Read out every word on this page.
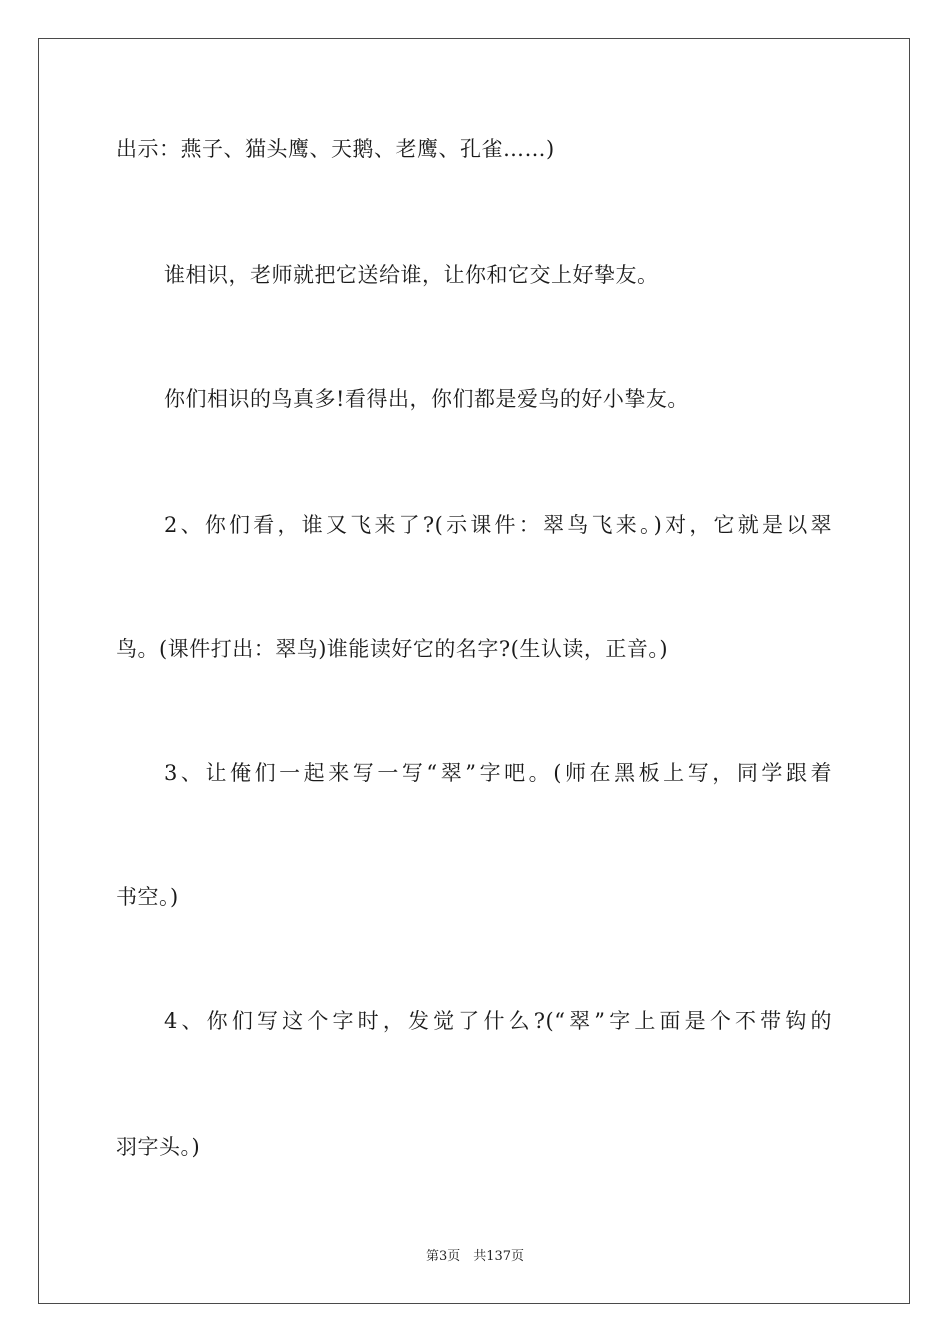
出示：燕子、猫头鹰、天鹅、老鹰、孔雀……)
谁相识，老师就把它送给谁，让你和它交上好挚友。
你们相识的鸟真多!看得出，你们都是爱鸟的好小挚友。
2、你们看，谁又飞来了?(示课件：翠鸟飞来。)对，它就是以翠
鸟。(课件打出：翠鸟)谁能读好它的名字?(生认读，正音。)
3、让俺们一起来写一写“翠”字吧。(师在黑板上写，同学跟着
书空。)
4、你们写这个字时，发觉了什么?(“翠”字上面是个不带钩的
羽字头。)
第3页　共137页
